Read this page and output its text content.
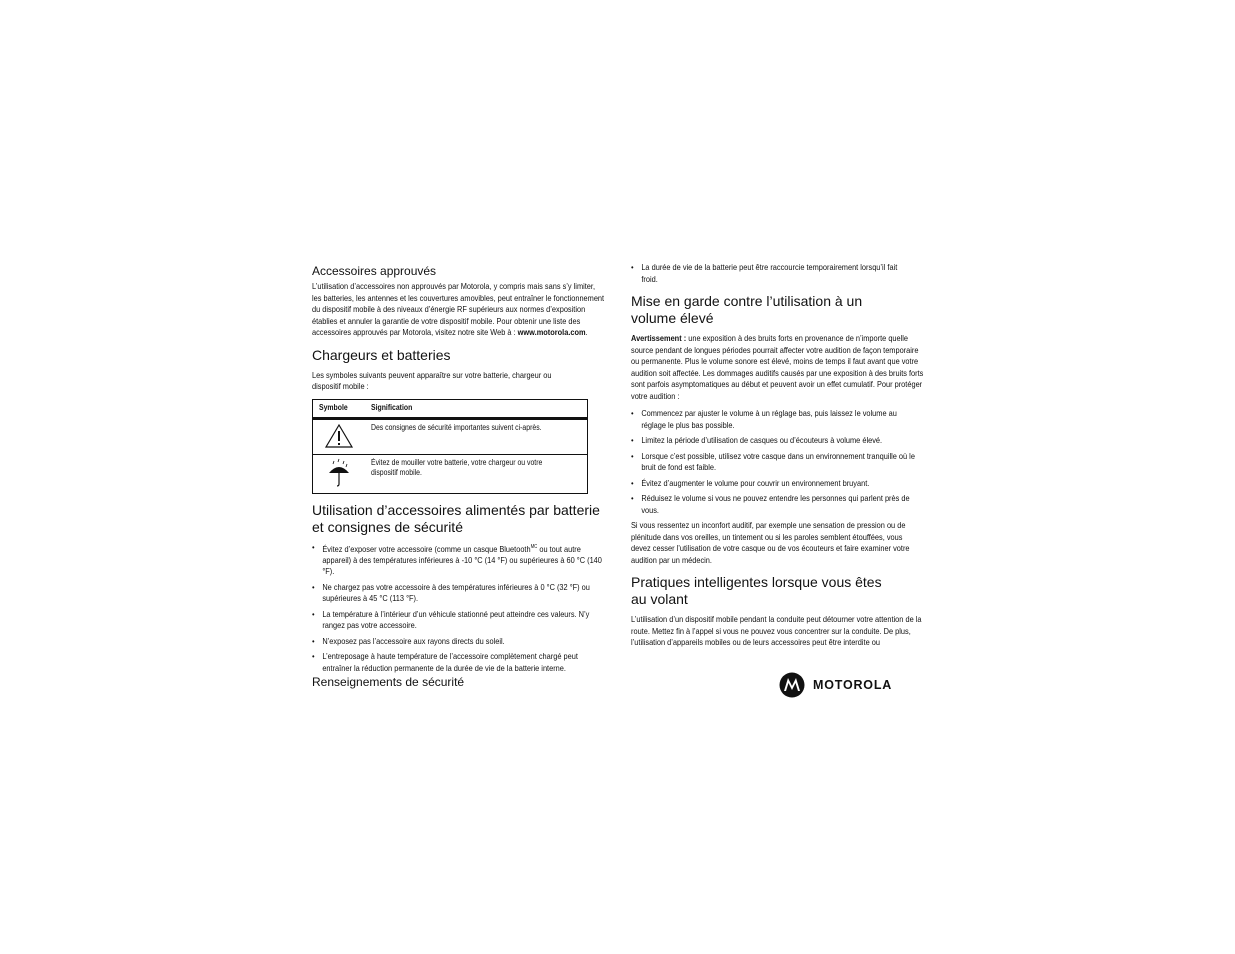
Accessoires approuvés

L’utilisation d’accessoires non approuvés par Motorola, y compris mais sans s’y limiter, les batteries, les antennes et les couvertures amovibles, peut entraîner le fonctionnement du dispositif mobile à des niveaux d’énergie RF supérieurs aux normes d’exposition établies et annuler la garantie de votre dispositif mobile. Pour obtenir une liste des accessoires approuvés par Motorola, visitez notre site Web à : www.motorola.com.

Chargeurs et batteries

Les symboles suivants peuvent apparaître sur votre batterie, chargeur ou dispositif mobile :

Symbole	Signification

Des consignes de sécurité importantes suivent ci-après.

Évitez de mouiller votre batterie, votre chargeur ou votre dispositif mobile.
Utilisation d’accessoires alimentés par batterie et consignes de sécurité
• Évitez d’exposer votre accessoire (comme un casque Bluetooth$^{MC}$ ou tout autre appareil) à des températures inférieures à -10 °C (14 °F) ou supérieures à 60 °C (140 °F).
• Ne chargez pas votre accessoire à des températures inférieures à 0 °C (32 °F) ou supérieures à 45 °C (113 °F).
• La température à l’intérieur d’un véhicule stationné peut atteindre ces valeurs. N’y rangez pas votre accessoire.
• N’exposez pas l’accessoire aux rayons directs du soleil.
• L’entreposage à haute température de l’accessoire complètement chargé peut entraîner la réduction permanente de la durée de vie de la batterie interne.
• La durée de vie de la batterie peut être raccourcie temporairement lorsqu’il fait froid.
Mise en garde contre l’utilisation à un volume élevé

Avertissement : une exposition à des bruits forts en provenance de n’importe quelle source pendant de longues périodes pourrait affecter votre audition de façon temporaire ou permanente. Plus le volume sonore est élevé, moins de temps il faut avant que votre audition soit affectée. Les dommages auditifs causés par une exposition à des bruits forts sont parfois asymptomatiques au début et peuvent avoir un effet cumulatif. Pour protéger votre audition :

• Commencez par ajuster le volume à un réglage bas, puis laissez le volume au réglage le plus bas possible.
• Limitez la période d’utilisation de casques ou d’écouteurs à volume élevé.
• Lorsque c’est possible, utilisez votre casque dans un environnement tranquille où le bruit de fond est faible.
• Évitez d’augmenter le volume pour couvrir un environnement bruyant.
• Réduisez le volume si vous ne pouvez entendre les personnes qui parlent près de vous.

Si vous ressentez un inconfort auditif, par exemple une sensation de pression ou de plénitude dans vos oreilles, un tintement ou si les paroles semblent étouffées, vous devez cesser l’utilisation de votre casque ou de vos écouteurs et faire examiner votre audition par un médecin.

Pratiques intelligentes lorsque vous êtes au volant

L’utilisation d’un dispositif mobile pendant la conduite peut détourner votre attention de la route. Mettez fin à l’appel si vous ne pouvez vous concentrer sur la conduite. De plus, l’utilisation d’appareils mobiles ou de leurs accessoires peut être interdite ou

Renseignements de sécurité	MOTOROLA
